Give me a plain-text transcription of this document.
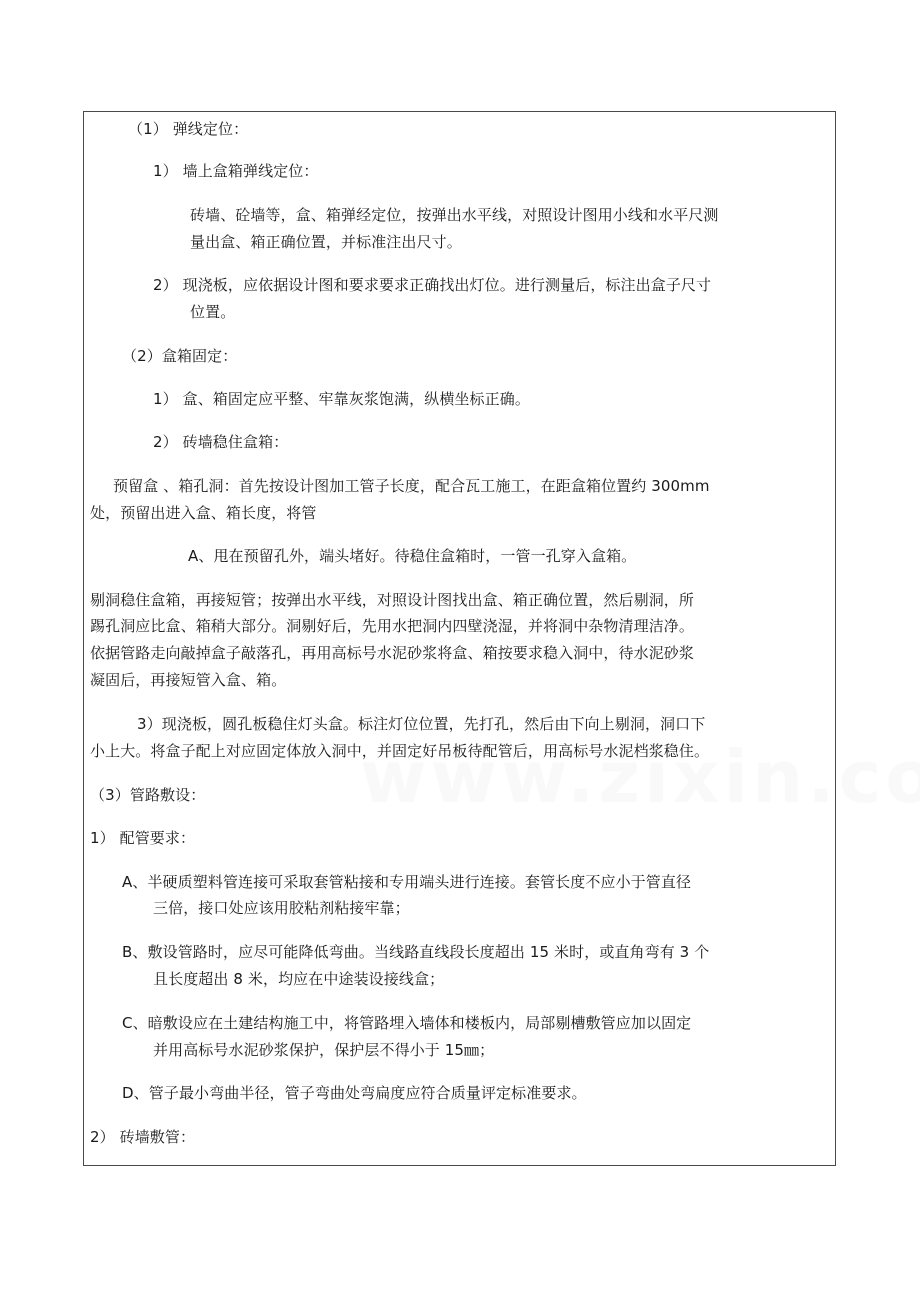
（1） 弹线定位：
1） 墙上盒箱弹线定位：
砖墙、砼墙等，盒、箱弹经定位，按弹出水平线，对照设计图用小线和水平尺测
量出盒、箱正确位置，并标准注出尺寸。
2） 现浇板，应依据设计图和要求要求正确找出灯位。进行测量后，标注出盒子尺寸
位置。
（2）盒箱固定：
1） 盒、箱固定应平整、牢靠灰浆饱满，纵横坐标正确。
2） 砖墙稳住盒箱：
预留盒 、箱孔洞：首先按设计图加工管子长度，配合瓦工施工，在距盒箱位置约 300mm
处，预留出进入盒、箱长度，将管
A、甩在预留孔外，端头堵好。待稳住盒箱时，一管一孔穿入盒箱。
剔洞稳住盒箱，再接短管；按弹出水平线，对照设计图找出盒、箱正确位置，然后剔洞，所
踢孔洞应比盒、箱稍大部分。洞剔好后，先用水把洞内四壁浇湿，并将洞中杂物清理洁净。
依据管路走向敲掉盒子敲落孔，再用高标号水泥砂浆将盒、箱按要求稳入洞中，待水泥砂浆
凝固后，再接短管入盒、箱。
3）现浇板，圆孔板稳住灯头盒。标注灯位位置，先打孔，然后由下向上剔洞，洞口下
小上大。将盒子配上对应固定体放入洞中，并固定好吊板待配管后，用高标号水泥档浆稳住。
（3）管路敷设：
1） 配管要求：
A、半硬质塑料管连接可采取套管粘接和专用端头进行连接。套管长度不应小于管直径
三倍，接口处应该用胶粘剂粘接牢靠；
B、敷设管路时，应尽可能降低弯曲。当线路直线段长度超出 15 米时，或直角弯有 3 个
且长度超出 8 米，均应在中途装设接线盒；
C、暗敷设应在土建结构施工中，将管路埋入墙体和楼板内，局部剔槽敷管应加以固定
并用高标号水泥砂浆保护，保护层不得小于 15㎜；
D、管子最小弯曲半径，管子弯曲处弯扁度应符合质量评定标准要求。
2） 砖墙敷管：
